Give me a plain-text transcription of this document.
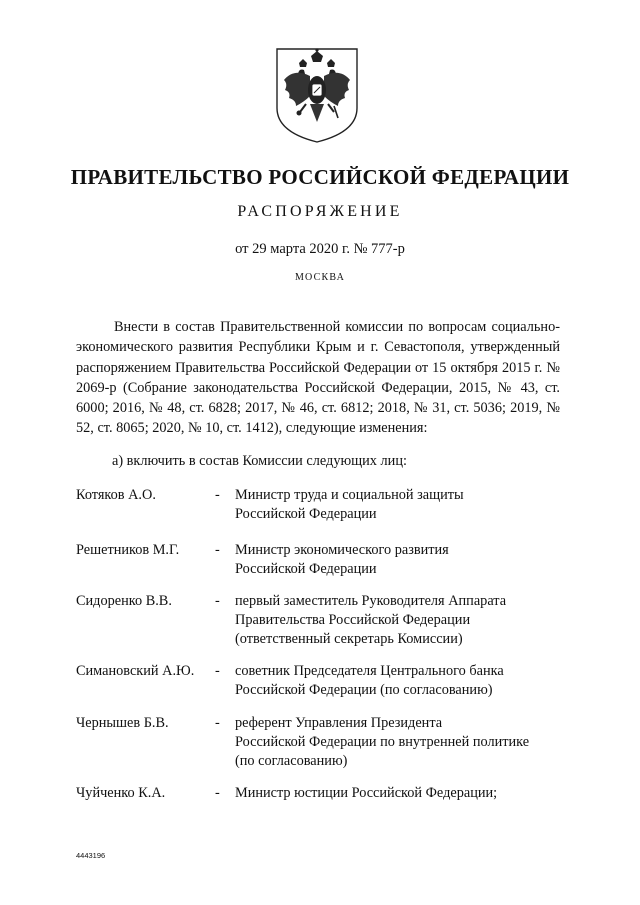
ПРАВИТЕЛЬСТВО РОССИЙСКОЙ ФЕДЕРАЦИИ
РАСПОРЯЖЕНИЕ
от 29 марта 2020 г. № 777-р
МОСКВА
Внести в состав Правительственной комиссии по вопросам социально-экономического развития Республики Крым и г. Севастополя, утвержденный распоряжением Правительства Российской Федерации от 15 октября 2015 г. № 2069-р (Собрание законодательства Российской Федерации, 2015, № 43, ст. 6000; 2016, № 48, ст. 6828; 2017, № 46, ст. 6812; 2018, № 31, ст. 5036; 2019, № 52, ст. 8065; 2020, № 10, ст. 1412), следующие изменения:
а) включить в состав Комиссии следующих лиц:
Котяков А.О.	- Министр труда и социальной защиты
Российской Федерации
Решетников М.Г.	- Министр экономического развития
Российской Федерации
Сидоренко В.В.	- первый заместитель Руководителя Аппарата
Правительства Российской Федерации
(ответственный секретарь Комиссии)
Симановский А.Ю. - советник Председателя Центрального банка
Российской Федерации (по согласованию)
Чернышев Б.В.	- референт Управления Президента
Российской Федерации по внутренней политике
(по согласованию)
Чуйченко К.А.	- Министр юстиции Российской Федерации;
4443196
